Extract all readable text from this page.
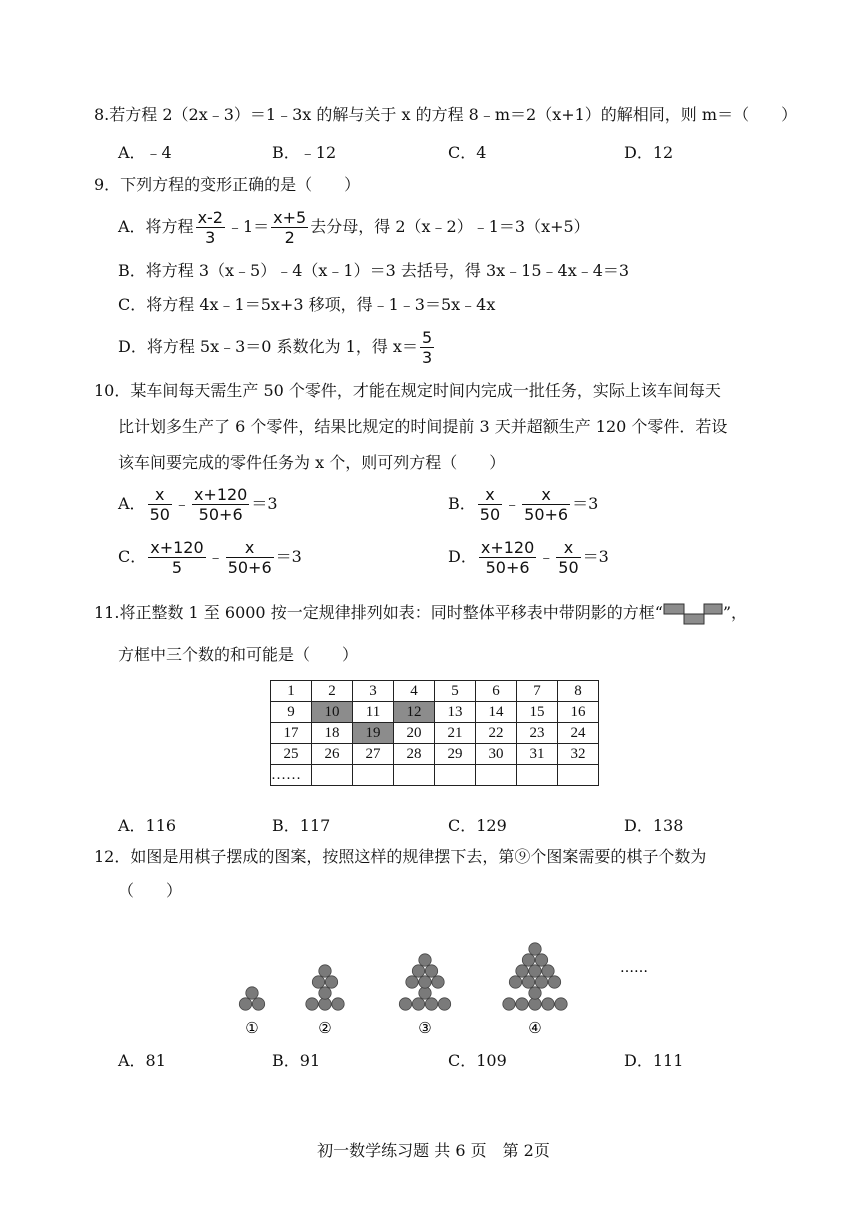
8.若方程 2（2x﹣3）＝1﹣3x 的解与关于 x 的方程 8﹣m＝2（x+1）的解相同，则 m＝（　　）
A．﹣4	B．﹣12	C．4	D．12
9．下列方程的变形正确的是（　　）
A．将方程 $\frac{x-2}{3}$ ﹣1＝ $\frac{x+5}{2}$ 去分母，得 2（x﹣2）﹣1＝3（x+5）
B．将方程 3（x﹣5）﹣4（x﹣1）＝3 去括号，得 3x﹣15﹣4x﹣4＝3
C．将方程 4x﹣1＝5x+3 移项，得﹣1﹣3＝5x﹣4x
D．将方程 5x﹣3＝0 系数化为 1，得 $x= \frac{5}{3}$
10．某车间每天需生产 50 个零件，才能在规定时间内完成一批任务，实际上该车间每天
比计划多生产了 6 个零件，结果比规定的时间提前 3 天并超额生产 120 个零件．若设
该车间要完成的零件任务为 x 个，则可列方程（　　）
A． $\frac{x}{50}$ ﹣ $\frac{x+120}{50+6} =3$	B． $\frac{x}{50}$ ﹣ $\frac{x}{50+6} =3$
C． $\frac{x+120}{5}$ ﹣ $\frac{x}{50+6} =3$	D． $\frac{x+120}{50+6}$ ﹣ $\frac{x}{50} =3$
11.将正整数 1 至 6000 按一定规律排列如表：同时整体平移表中带阴影的方框“	”，
方框中三个数的和可能是（　　）
1	2	3	4	5	6	7	8
9	10	11	12	13	14	15	16
17	18	19	20	21	22	23	24
25	26	27	28	29	30	31	32
……							
A．116	B．117	C．129	D．138
12．如图是用棋子摆成的图案，按照这样的规律摆下去，第⑨个图案需要的棋子个数为
（　　）
①	②	③	④
……
A．81	B．91	C．109	D．111
初一数学练习题 共 6 页　第 2页
